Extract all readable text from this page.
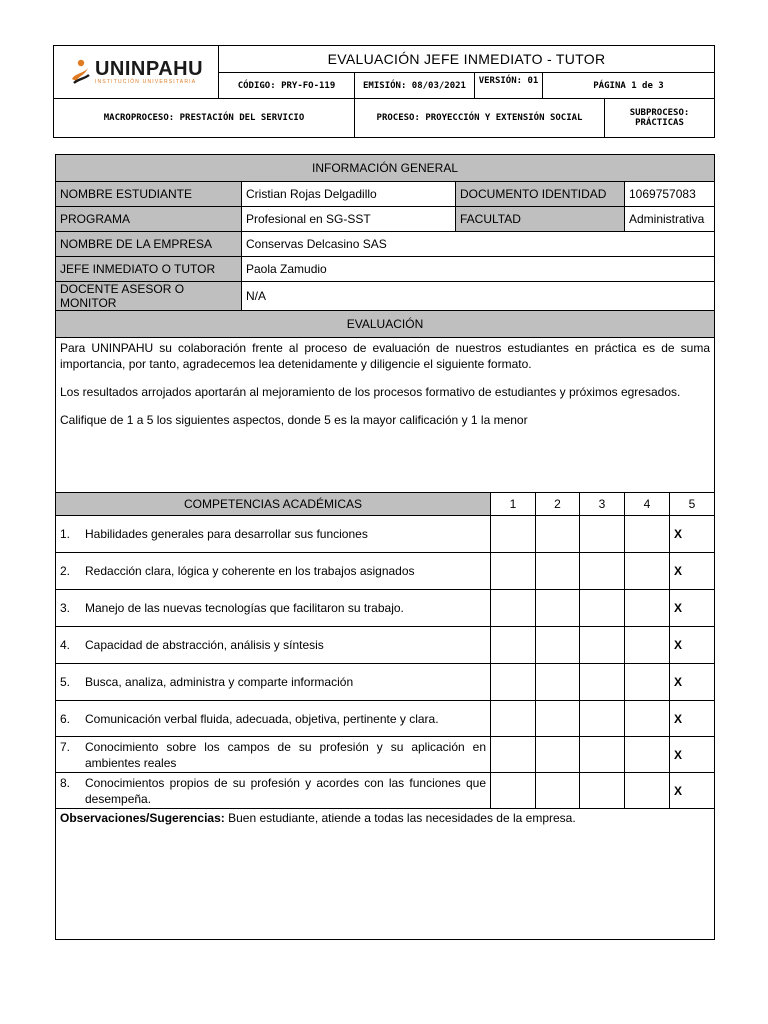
UNINPAHU
INSTITUCIÓN UNIVERSITARIA	EVALUACIÓN JEFE INMEDIATO - TUTOR				
	CÓDIGO: PRY-FO-119	EMISIÓN: 08/03/2021	VERSIÓN: 01	PÁGINA 1 de 3	
MACROPROCESO: PRESTACIÓN DEL SERVICIO		PROCESO: PROYECCIÓN Y EXTENSIÓN SOCIAL			SUBPROCESO: PRÁCTICAS
INFORMACIÓN GENERAL							
NOMBRE ESTUDIANTE	Cristian Rojas Delgadillo	DOCUMENTO IDENTIDAD				1069757083	
PROGRAMA	Profesional en SG-SST	FACULTAD				Administrativa	
NOMBRE DE LA EMPRESA	Conservas Delcasino SAS						
JEFE INMEDIATO O TUTOR	Paola Zamudio						
DOCENTE ASESOR O MONITOR	N/A						
EVALUACIÓN							

Para UNINPAHU su colaboración frente al proceso de evaluación de nuestros estudiantes en práctica es de suma importancia, por tanto, agradecemos lea detenidamente y diligencie el siguiente formato.

Los resultados arrojados aportarán al mejoramiento de los procesos formativo de estudiantes y próximos egresados.

Califique de 1 a 5 los siguientes aspectos, donde 5 es la mayor calificación y 1 la menor							

COMPETENCIAS ACADÉMICAS			1	2	3	4	5

1. Habilidades generales para desarrollar sus funciones							X

2. Redacción clara, lógica y coherente en los trabajos asignados							X

3. Manejo de las nuevas tecnologías que facilitaron su trabajo.							X

4. Capacidad de abstracción, análisis y síntesis							X

5. Busca, analiza, administra y comparte información							X

6. Comunicación verbal fluida, adecuada, objetiva, pertinente y clara.							X

7. Conocimiento sobre los campos de su profesión y su aplicación en ambientes reales							X

8. Conocimientos propios de su profesión y acordes con las funciones que desempeña.							X
Observaciones/Sugerencias: Buen estudiante, atiende a todas las necesidades de la empresa.							
